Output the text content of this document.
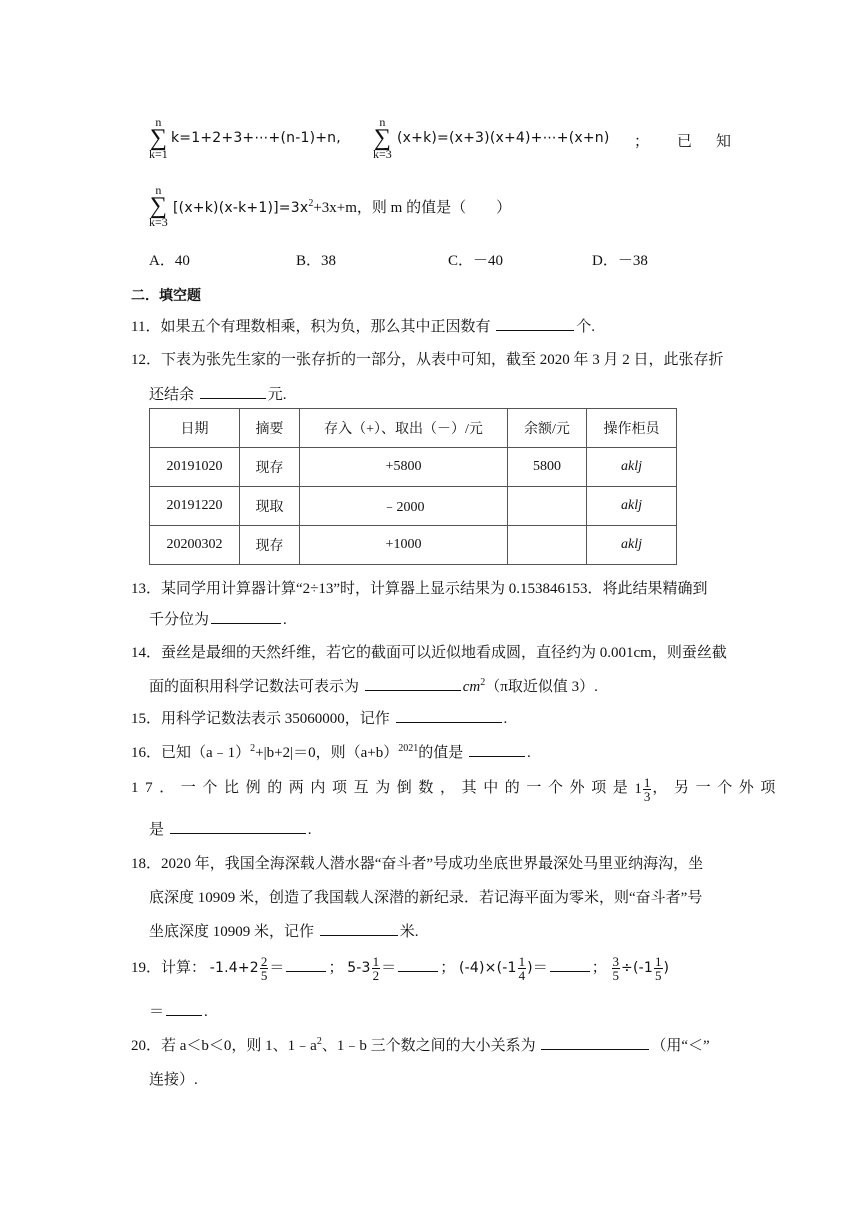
n
∑
k=1
k=1+2+3+⋯+(n-1)+n,
n
∑
k=3
(x+k)=(x+3)(x+4)+⋯+(x+n) ； 已 知
n
∑
k=3
$[(x+k)(x-k+1)]=3x^2+3x+m$，则 m 的值是（　　）
A．40	B．38	C．－40	D．－38
二．填空题
11．如果五个有理数相乘，积为负，那么其中正因数有	个.
12．下表为张先生家的一张存折的一部分，从表中可知，截至 2020 年 3 月 2 日，此张存折
还结余	元.
日期	摘要	存入（+）、取出（－）/元	余额/元	操作柜员
20191020	现存	+5800	5800	aklj
20191220	现取	﹣2000		aklj
20200302	现存	+1000		aklj
13．某同学用计算器计算“2÷13”时，计算器上显示结果为 0.153846153．将此结果精确到
千分位为	.
14．蚕丝是最细的天然纤维，若它的截面可以近似地看成圆，直径约为 0.001cm，则蚕丝截
面的面积用科学记数法可表示为	$cm^2(\pi$取近似值 3）.
15．用科学记数法表示 35060000，记作	.
16．已知（a﹣1）$^2$+|b+2|＝0，则$(a+b)^{2021}$的值是	.
17．一个比例的两内项互为倒数，其中的一个外项是 $1 \frac{1}{3}$ ，另一个外项
是	.
18．2020 年，我国全海深载人潜水器“奋斗者”号成功坐底世界最深处马里亚纳海沟，坐
底深度 10909 米，创造了我国载人深潜的新纪录．若记海平面为零米，则“奋斗者”号
坐底深度 10909 米，记作	米.
19．计算： $-1.4+2 \frac{2}{5}$ ＝	； $5-3 \frac{1}{2}$ ＝	； $(-4)\times(-1 \frac{1}{4}$ )＝	； $\frac{3}{5} \div(-1 \frac{1}{5}$ )
＝	.
20．若 a＜b＜0，则 1、$1﹣a^2$、1﹣b 三个数之间的大小关系为	（用“＜”
连接）.
